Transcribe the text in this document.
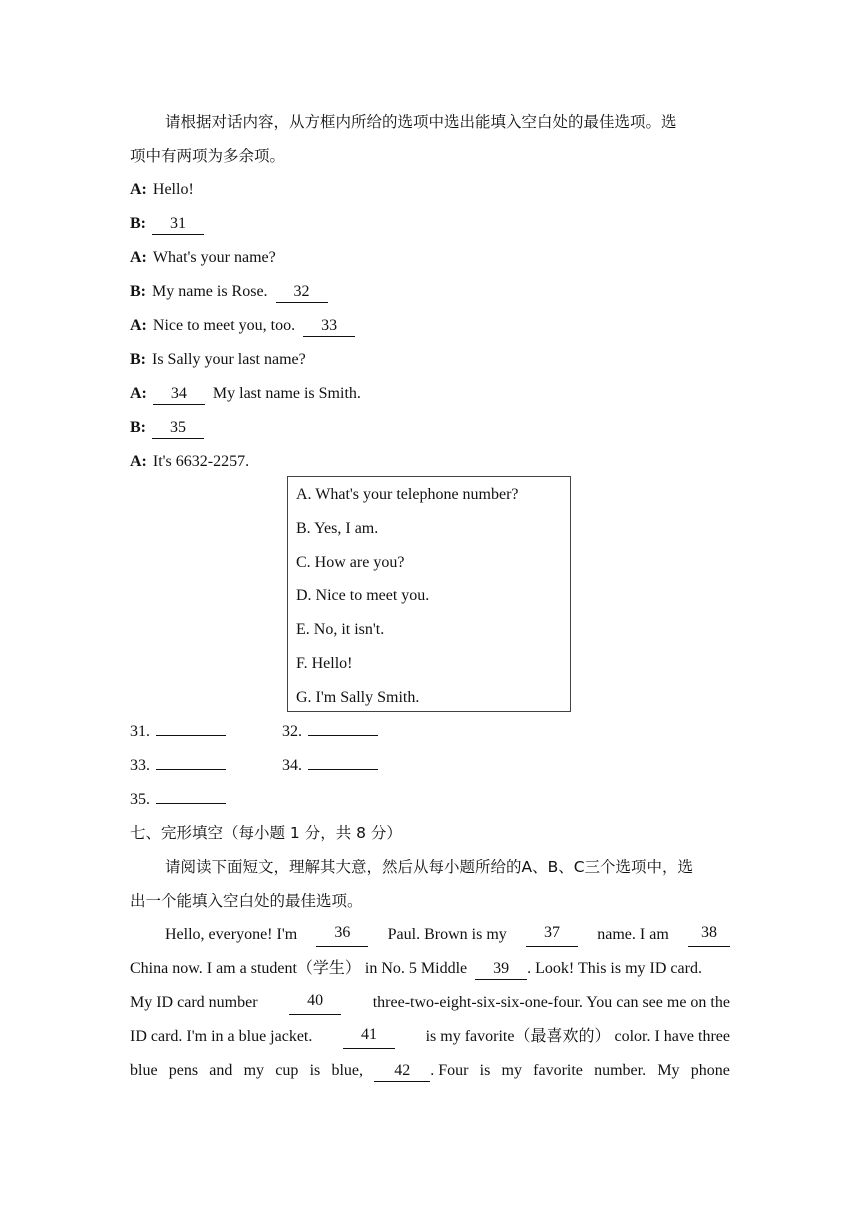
请根据对话内容，从方框内所给的选项中选出能填入空白处的最佳选项。选
项中有两项为多余项。
A: Hello!
B: 31
A: What's your name?
B: My name is Rose. 32
A: Nice to meet you, too. 33
B: Is Sally your last name?
A: 34 My last name is Smith.
B: 35
A: It's 6632-2257.
A. What's your telephone number?
B. Yes, I am.
C. How are you?
D. Nice to meet you.
E. No, it isn't.
F. Hello!
G. I'm Sally Smith.
31.	32.
33.	34.
35.
七、完形填空（每小题 1 分，共 8 分）
请阅读下面短文，理解其大意，然后从每小题所给的A、B、C三个选项中，选
出一个能填入空白处的最佳选项。
Hello, everyone! I'm	36	Paul. Brown is my	37	name. I am	38
China now. I am a student（学生） in No. 5 Middle 39 . Look! This is my ID card.
My ID card number	40	three-two-eight-six-six-one-four. You can see me on the
ID card. I'm in a blue jacket.	41	is my favorite（最喜欢的） color. I have three
blue pens and my cup is blue,	42 . Four is my favorite number. My phone
